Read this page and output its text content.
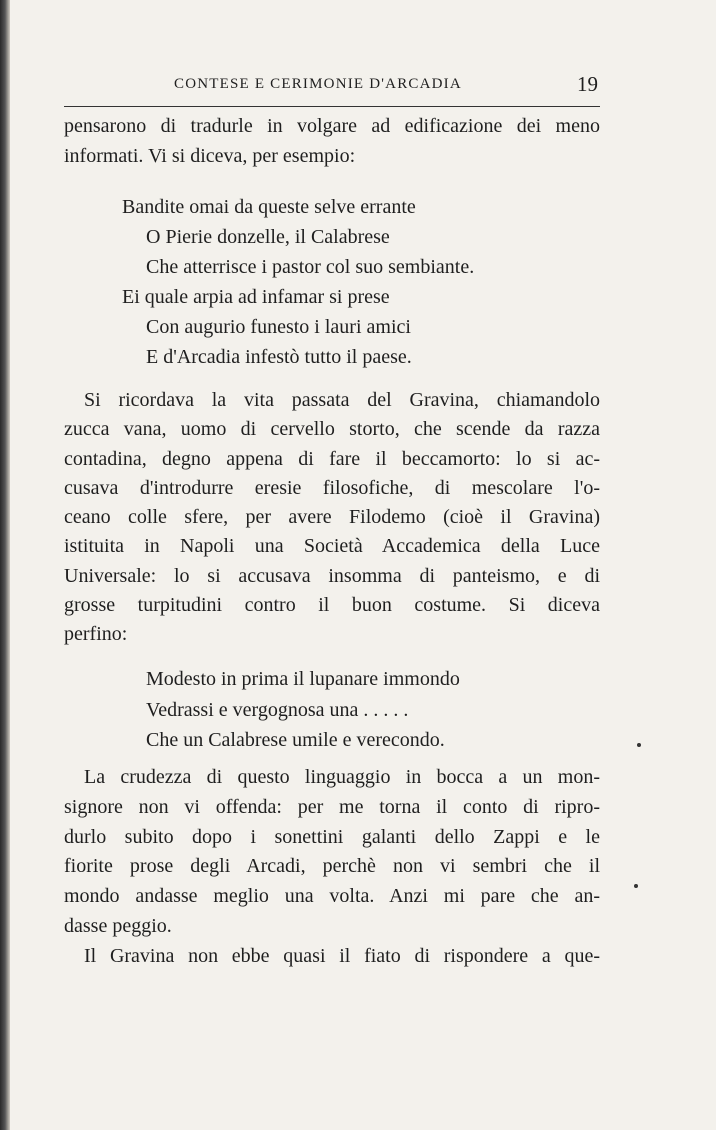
CONTESE E CERIMONIE D'ARCADIA	19
pensarono di tradurle in volgare ad edificazione dei meno
informati. Vi si diceva, per esempio:
Bandite omai da queste selve errante
O Pierie donzelle, il Calabrese
Che atterrisce i pastor col suo sembiante.
Ei quale arpia ad infamar si prese
Con augurio funesto i lauri amici
E d'Arcadia infestò tutto il paese.
Si ricordava la vita passata del Gravina, chiamandolo
zucca vana, uomo di cervello storto, che scende da razza
contadina, degno appena di fare il beccamorto: lo si ac-
cusava d'introdurre eresie filosofiche, di mescolare l'o-
ceano colle sfere, per avere Filodemo (cioè il Gravina)
istituita in Napoli una Società Accademica della Luce
Universale: lo si accusava insomma di panteismo, e di
grosse turpitudini contro il buon costume. Si diceva
perfino:
Modesto in prima il lupanare immondo
Vedrassi e vergognosa una . . . . .
Che un Calabrese umile e verecondo.
La crudezza di questo linguaggio in bocca a un mon-
signore non vi offenda: per me torna il conto di ripro-
durlo subito dopo i sonettini galanti dello Zappi e le
fiorite prose degli Arcadi, perchè non vi sembri che il
mondo andasse meglio una volta. Anzi mi pare che an-
dasse peggio.
Il Gravina non ebbe quasi il fiato di rispondere a que-
